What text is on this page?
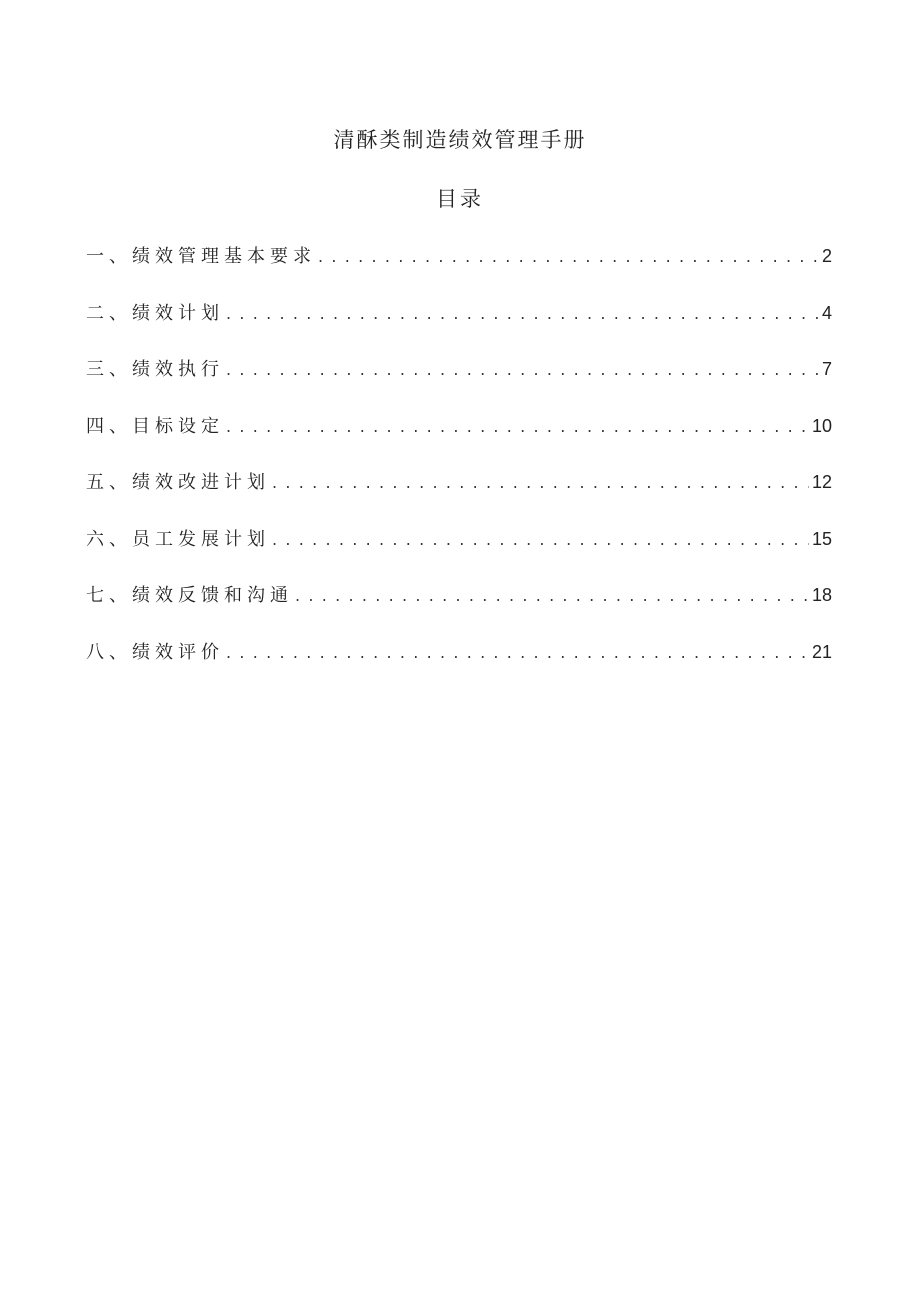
清酥类制造绩效管理手册
目录
一、绩效管理基本要求 . . .	2
二、绩效计划 . . .	4
三、绩效执行 . . .	7
四、目标设定 . . .	10
五、绩效改进计划 . . .	12
六、员工发展计划 . . .	15
七、绩效反馈和沟通 . . .	18
八、绩效评价 . . .	21
